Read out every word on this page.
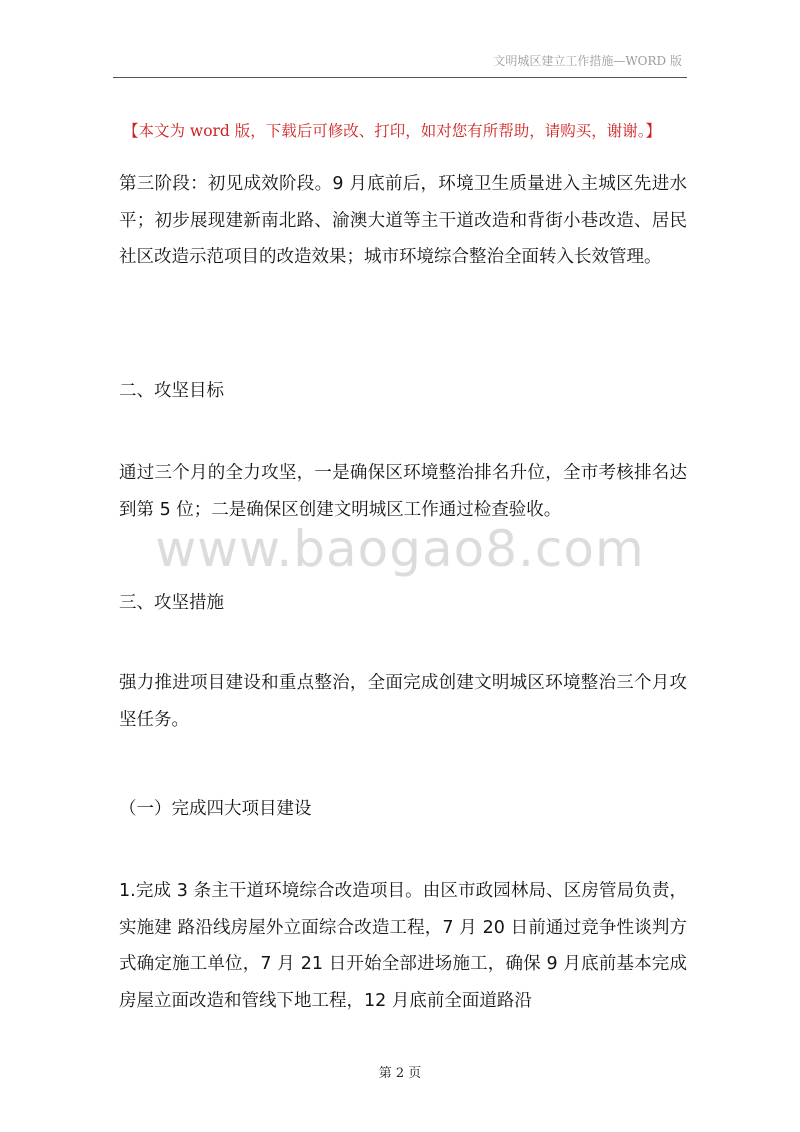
文明城区建立工作措施—WORD 版
【本文为 word 版，下载后可修改、打印，如对您有所帮助，请购买，谢谢。】
第三阶段：初见成效阶段。9 月底前后，环境卫生质量进入主城区先进水平；初步展现建新南北路、渝澳大道等主干道改造和背街小巷改造、居民社区改造示范项目的改造效果；城市环境综合整治全面转入长效管理。
二、攻坚目标
通过三个月的全力攻坚，一是确保区环境整治排名升位，全市考核排名达到第 5 位；二是确保区创建文明城区工作通过检查验收。
www.baogao8.com
三、攻坚措施
强力推进项目建设和重点整治，全面完成创建文明城区环境整治三个月攻坚任务。
（一）完成四大项目建设
1.完成 3 条主干道环境综合改造项目。由区市政园林局、区房管局负责，实施建 路沿线房屋外立面综合改造工程，7 月 20 日前通过竞争性谈判方式确定施工单位，7 月 21 日开始全部进场施工，确保 9 月底前基本完成房屋立面改造和管线下地工程，12 月底前全面道路沿
第 2 页
